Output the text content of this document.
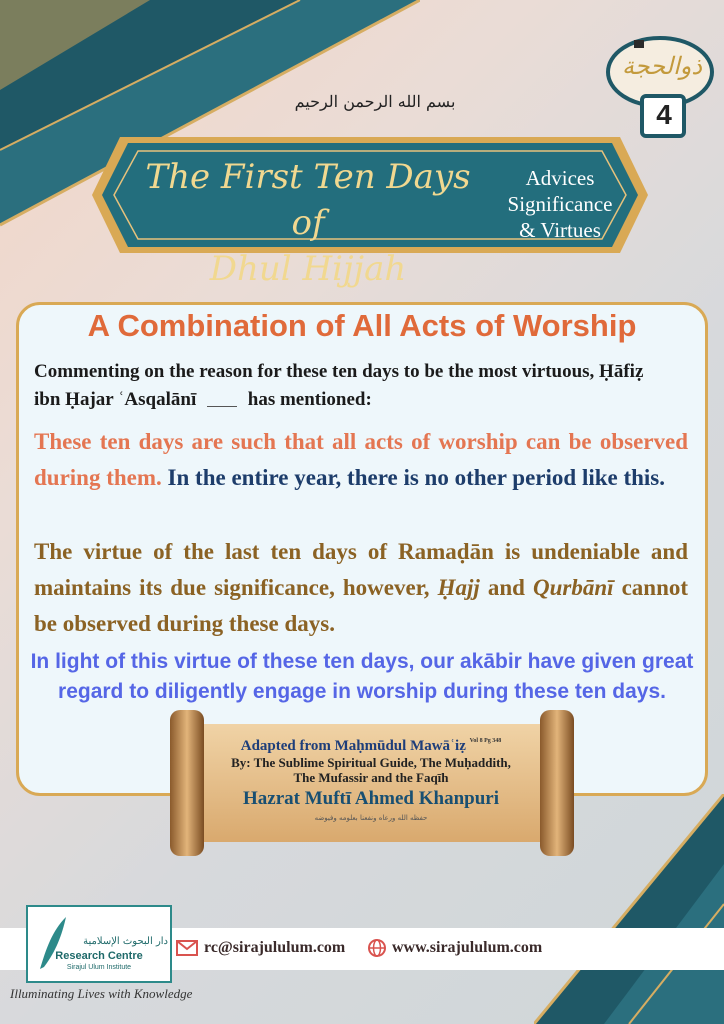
بسم الله الرحمن الرحيم
The First Ten Days of
Dhul Hijjah
Advices
Significance
& Virtues
ذوالحجة
4
A Combination of All Acts of Worship
Commenting on the reason for these ten days to be the most virtuous, Ḥāfiẓ ibn Ḥajar ʿAsqalānī	has mentioned:
These ten days are such that all acts of worship can be observed during them. In the entire year, there is no other period like this.
The virtue of the last ten days of Ramaḍān is undeniable and maintains its due significance, however, Ḥajj and Qurbānī cannot be observed during these days.
In light of this virtue of these ten days, our akābir have given great regard to diligently engage in worship during these ten days.
Adapted from Maḥmūdul Mawāʿiẓ $^{Vol 8 Pg 348}$
By: The Sublime Spiritual Guide, The Muḥaddith,
The Mufassir and the Faqīh
Hazrat Muftī Ahmed Khanpuri
حفظه الله ورعاه ونفعنا بعلومه وفيوضه
دار البحوث الإسلامية
Research Centre
Sirajul Ulum Institute
Illuminating Lives with Knowledge
rc@sirajululum.com	www.sirajululum.com
